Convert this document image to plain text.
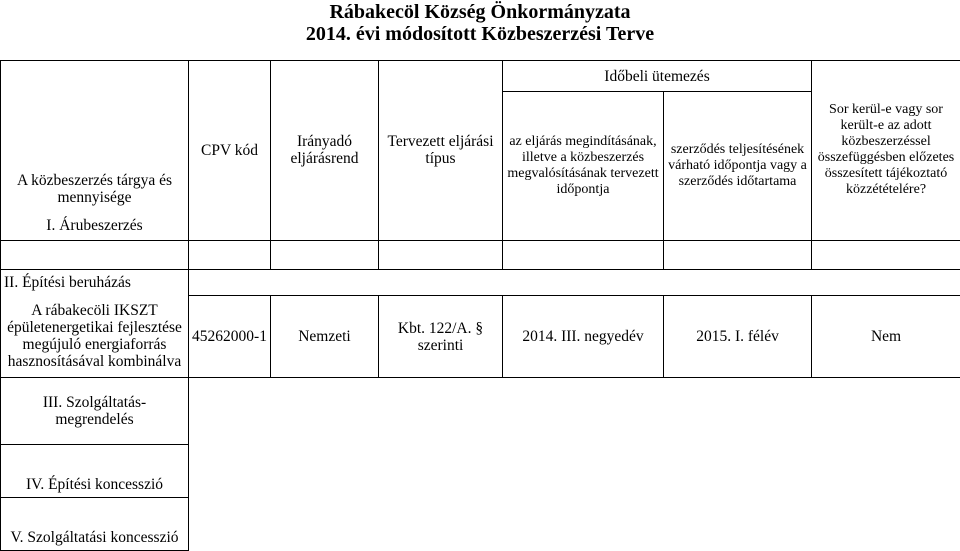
Rábakecöl Község Önkormányzata
2014. évi módosított Közbeszerzési Terve
A közbeszerzés tárgya és mennyisége	CPV kód	Irányadó eljárásrend	Tervezett eljárási típus	Időbeli ütemezés		Sor kerül-e vagy sor került-e az adott közbeszerzéssel összefüggésben előzetes összesített tájékoztató közzétételére?
				az eljárás megindításának, illetve a közbeszerzés megvalósításának tervezett időpontja	szerződés teljesítésének várható időpontja vagy a szerződés időtartama	
I. Árubeszerzés						

II. Építési beruházás						
A rábakecöli IKSZT épületenergetikai fejlesztése megújuló energiaforrás hasznosításával kombinálva	45262000-1	Nemzeti	Kbt. 122/A. § szerinti	2014. III. negyedév	2015. I. félév	Nem
III. Szolgáltatás-megrendelés						
IV. Építési koncesszió						
V. Szolgáltatási koncesszió						
